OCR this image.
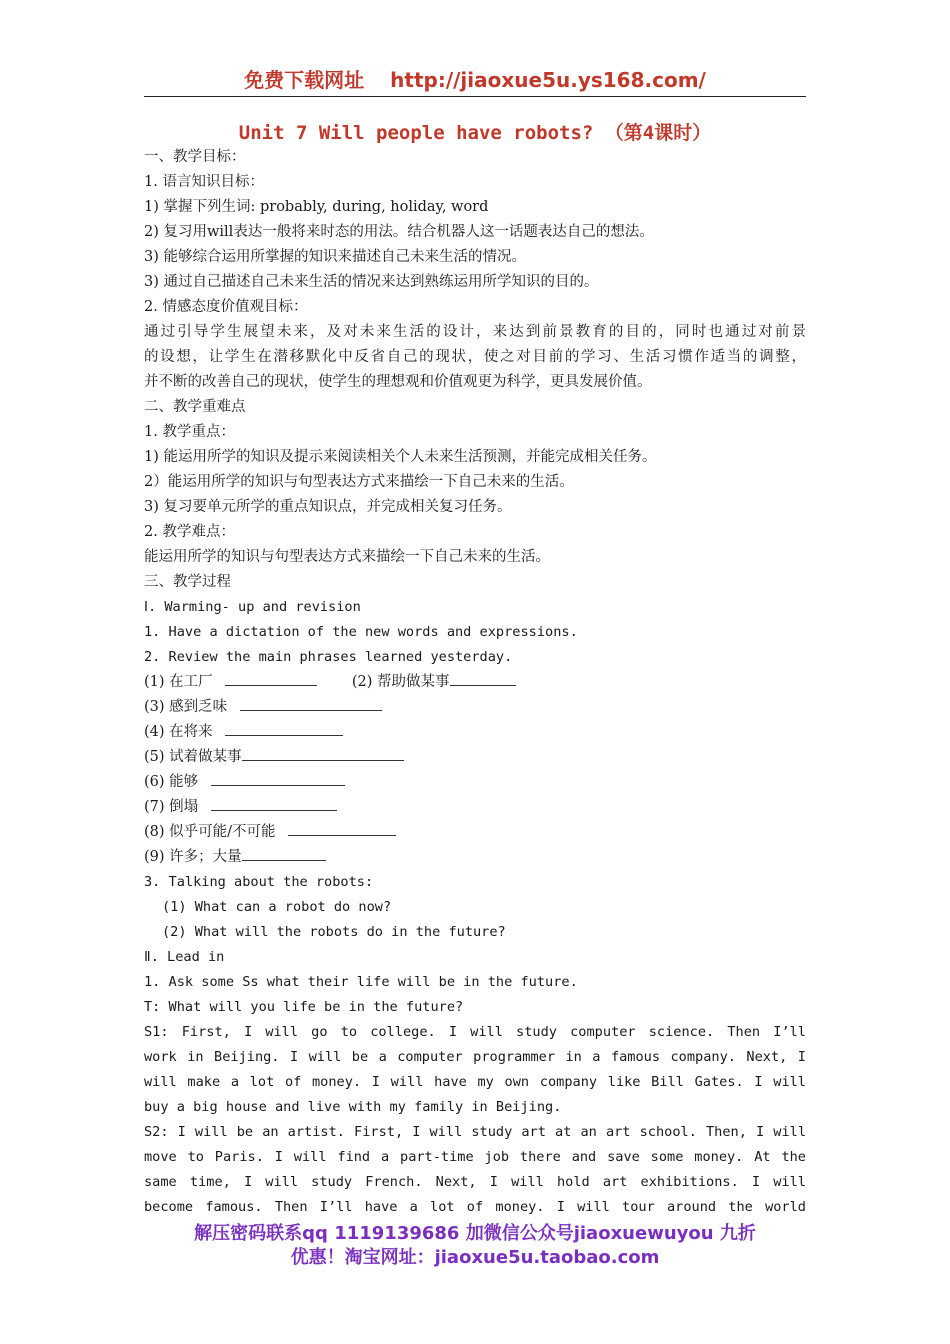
免费下载网址 http://jiaoxue5u.ys168.com/
Unit 7 Will people have robots? （第4课时）
一、教学目标：
1. 语言知识目标：
1) 掌握下列生词: probably, during, holiday, word
2) 复习用will表达一般将来时态的用法。结合机器人这一话题表达自己的想法。
3) 能够综合运用所掌握的知识来描述自己未来生活的情况。
3) 通过自己描述自己未来生活的情况来达到熟练运用所学知识的目的。
2. 情感态度价值观目标：
通过引导学生展望未来，及对未来生活的设计，来达到前景教育的目的，同时也通过对前景
的设想，让学生在潜移默化中反省自己的现状，使之对目前的学习、生活习惯作适当的调整，
并不断的改善自己的现状，使学生的理想观和价值观更为科学，更具发展价值。
二、教学重难点
1. 教学重点：
1) 能运用所学的知识及提示来阅读相关个人未来生活预测，并能完成相关任务。
2）能运用所学的知识与句型表达方式来描绘一下自己未来的生活。
3) 复习要单元所学的重点知识点，并完成相关复习任务。
2. 教学难点：
能运用所学的知识与句型表达方式来描绘一下自己未来的生活。
三、教学过程
Ⅰ. Warming- up and revision
1. Have a dictation of the new words and expressions.
2. Review the main phrases learned yesterday.
(1) 在工厂	(2) 帮助做某事
(3) 感到乏味
(4) 在将来
(5) 试着做某事
(6) 能够
(7) 倒塌
(8) 似乎可能/不可能
(9) 许多；大量
3. Talking about the robots:
(1) What can a robot do now?
(2) What will the robots do in the future?
Ⅱ. Lead in
1. Ask some Ss what their life will be in the future.
T: What will you life be in the future?
S1: First, I will go to college. I will study computer science. Then I’ll
work in Beijing. I will be a computer programmer in a famous company. Next, I
will make a lot of money. I will have my own company like Bill Gates. I will
buy a big house and live with my family in Beijing.
S2: I will be an artist. First, I will study art at an art school. Then, I will
move to Paris. I will find a part-time job there and save some money. At the
same time, I will study French. Next, I will hold art exhibitions. I will
become famous. Then I’ll have a lot of money. I will tour around the world
解压密码联系qq 1119139686 加微信公众号jiaoxuewuyou 九折
优惠！淘宝网址：jiaoxue5u.taobao.com
